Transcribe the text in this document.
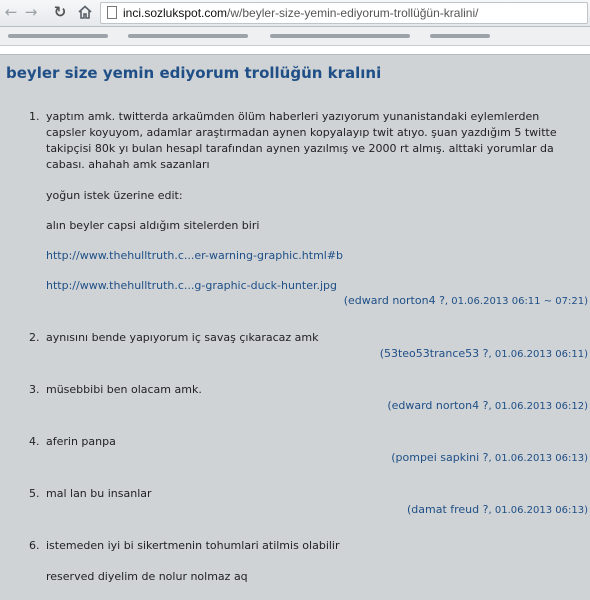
← → ↻	inci.sozlukspot.com/w/beyler-size-yemin-ediyorum-trollüğün-kralini/
beyler size yemin ediyorum trollüğün kralıni
1. yaptım amk. twitterda arkaümden ölüm haberleri yazıyorum yunanistandaki eylemlerden capsler koyuyom, adamlar araştırmadan aynen kopyalayıp twit atıyo. şuan yazdığım 5 twitte takipçisi 80k yı bulan hesapl tarafından aynen yazılmış ve 2000 rt almış. alttaki yorumlar da cabası. ahahah amk sazanları

yoğun istek üzerine edit:

alın beyler capsi aldığım sitelerden biri

http://www.thehulltruth.c...er-warning-graphic.html#b

http://www.thehulltruth.c...g-graphic-duck-hunter.jpg

(edward norton4 ?, 01.06.2013 06:11 ~ 07:21)
2. aynısını bende yapıyorum iç savaş çıkaracaz amk

(53teo53trance53 ?, 01.06.2013 06:11)
3. müsebbibi ben olacam amk.

(edward norton4 ?, 01.06.2013 06:12)
4. aferin panpa

(pompei sapkini ?, 01.06.2013 06:13)
5. mal lan bu insanlar

(damat freud ?, 01.06.2013 06:13)
6. istemeden iyi bi sikertmenin tohumlari atilmis olabilir

reserved diyelim de nolur nolmaz aq
